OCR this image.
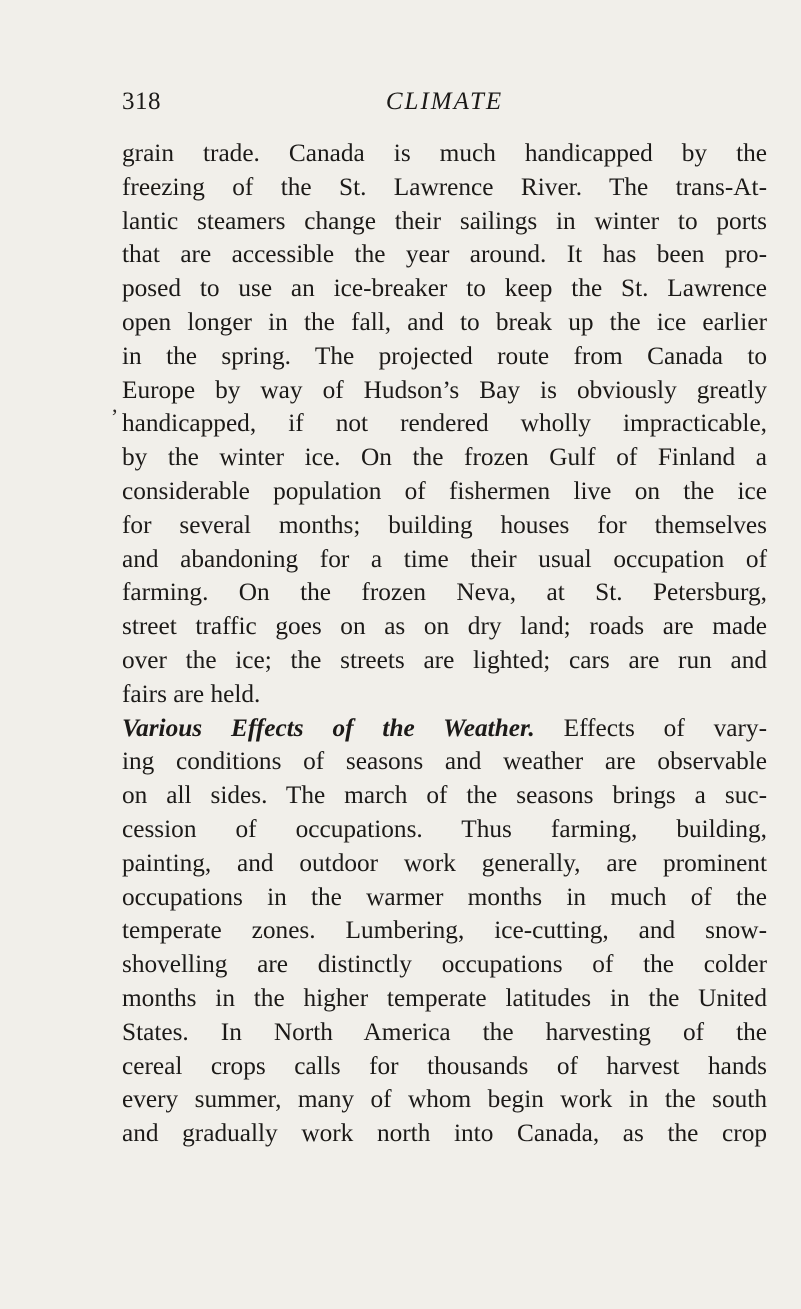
318	CLIMATE
,
grain trade. Canada is much handicapped by the
freezing of the St. Lawrence River. The trans-At-
lantic steamers change their sailings in winter to ports
that are accessible the year around. It has been pro-
posed to use an ice-breaker to keep the St. Lawrence
open longer in the fall, and to break up the ice earlier
in the spring. The projected route from Canada to
Europe by way of Hudson’s Bay is obviously greatly
handicapped, if not rendered wholly impracticable,
by the winter ice. On the frozen Gulf of Finland a
considerable population of fishermen live on the ice
for several months; building houses for themselves
and abandoning for a time their usual occupation of
farming. On the frozen Neva, at St. Petersburg,
street traffic goes on as on dry land; roads are made
over the ice; the streets are lighted; cars are run and
fairs are held.
Various Effects of the Weather. Effects of vary-
ing conditions of seasons and weather are observable
on all sides. The march of the seasons brings a suc-
cession of occupations. Thus farming, building,
painting, and outdoor work generally, are prominent
occupations in the warmer months in much of the
temperate zones. Lumbering, ice-cutting, and snow-
shovelling are distinctly occupations of the colder
months in the higher temperate latitudes in the United
States. In North America the harvesting of the
cereal crops calls for thousands of harvest hands
every summer, many of whom begin work in the south
and gradually work north into Canada, as the crop
